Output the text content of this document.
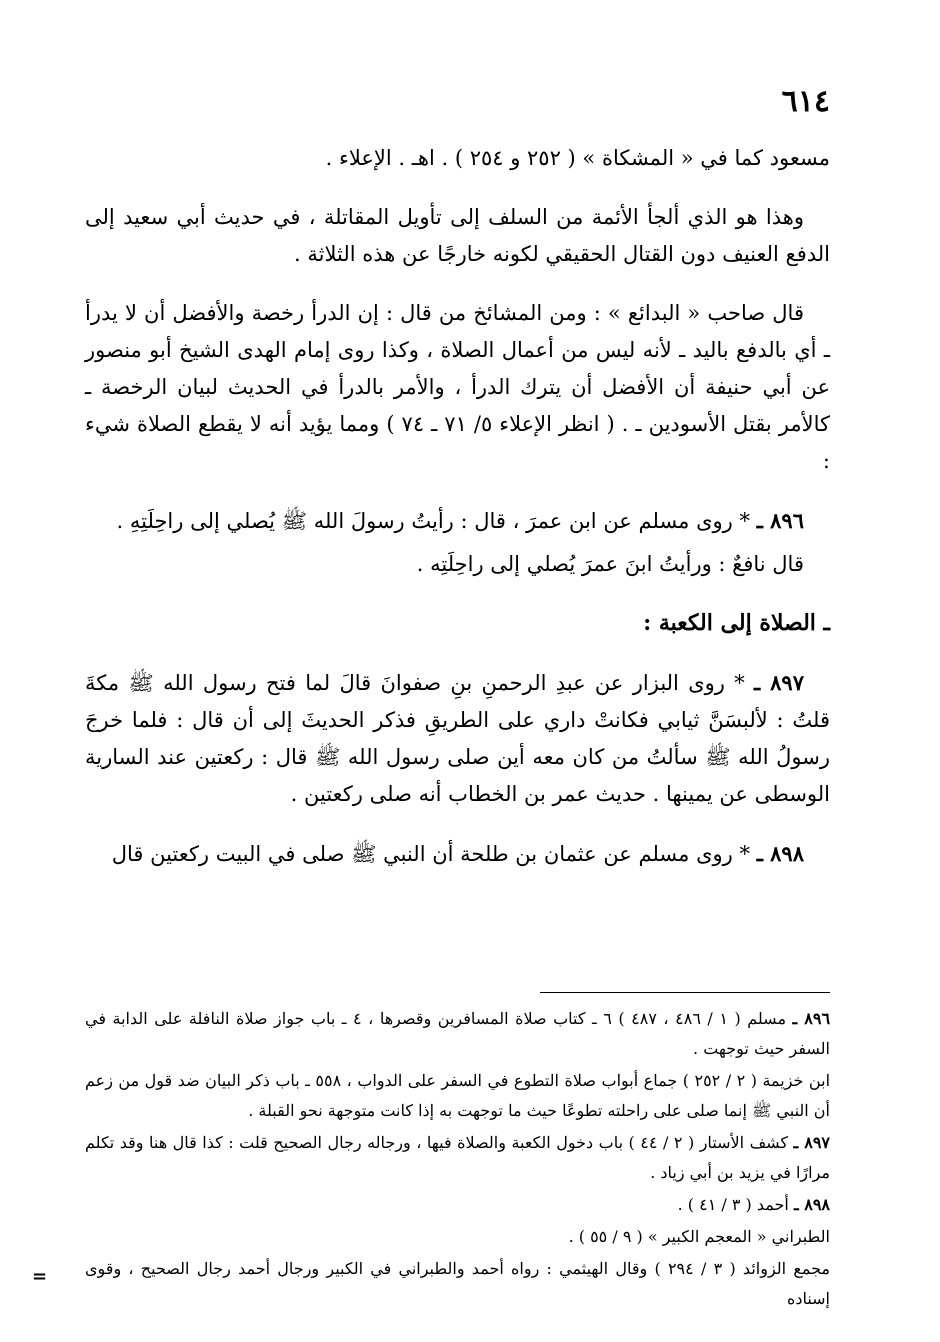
٦١٤

مسعود كما في « المشكاة » ( ٢٥٢ و ٢٥٤ ) . اهـ . الإعلاء .

وهذا هو الذي ألجأ الأئمة من السلف إلى تأويل المقاتلة ، في حديث أبي سعيد إلى الدفع العنيف دون القتال الحقيقي لكونه خارجًا عن هذه الثلاثة .

قال صاحب « البدائع » : ومن المشائخ من قال : إن الدرأ رخصة والأفضل أن لا يدرأ ـ أي بالدفع باليد ـ لأنه ليس من أعمال الصلاة ، وكذا روى إمام الهدى الشيخ أبو منصور عن أبي حنيفة أن الأفضل أن يترك الدرأ ، والأمر بالدرأ في الحديث لبيان الرخصة ـ كالأمر بقتل الأسودين ـ . ( انظر الإعلاء ٥/ ٧١ ـ ٧٤ ) ومما يؤيد أنه لا يقطع الصلاة شيء :

٨٩٦ ـ * روى مسلم عن ابن عمرَ ، قال : رأيتُ رسولَ الله ﷺ يُصلي إلى راحِلَتِهِ .

قال نافعٌ : ورأيتُ ابنَ عمرَ يُصلي إلى راحِلَتِه .

ـ الصلاة إلى الكعبة :

٨٩٧ ـ * روى البزار عن عبدِ الرحمنِ بنِ صفوانَ قالَ لما فتح رسول الله ﷺ مكةَ قلتُ : لألبسَنَّ ثيابي فكانتْ داري على الطريقِ فذكر الحديثَ إلى أن قال : فلما خرجَ رسولُ الله ﷺ سألتُ من كان معه أين صلى رسول الله ﷺ قال : ركعتين عند السارية الوسطى عن يمينها . حديث عمر بن الخطاب أنه صلى ركعتين .

٨٩٨ ـ * روى مسلم عن عثمان بن طلحة أن النبي ﷺ صلى في البيت ركعتين قال

٨٩٦ ـ مسلم ( ١ / ٤٨٦ ، ٤٨٧ ) ٦ ـ كتاب صلاة المسافرين وقصرها ، ٤ ـ باب جواز صلاة النافلة على الدابة في السفر حيث توجهت .

ابن خزيمة ( ٢ / ٢٥٢ ) جماع أبواب صلاة التطوع في السفر على الدواب ، ٥٥٨ ـ باب ذكر البيان ضد قول من زعم أن النبي ﷺ إنما صلى على راحلته تطوعًا حيث ما توجهت به إذا كانت متوجهة نحو القبلة .

٨٩٧ ـ كشف الأستار ( ٢ / ٤٤ ) باب دخول الكعبة والصلاة فيها ، ورجاله رجال الصحيح قلت : كذا قال هنا وقد تكلم مرارًا في يزيد بن أبي زياد .

٨٩٨ ـ أحمد ( ٣ / ٤١ ) .

الطبراني « المعجم الكبير » ( ٩ / ٥٥ ) .

مجمع الزوائد ( ٣ / ٢٩٤ ) وقال الهيثمي : رواه أحمد والطبراني في الكبير ورجال أحمد رجال الصحيح ، وقوى إسناده

=
